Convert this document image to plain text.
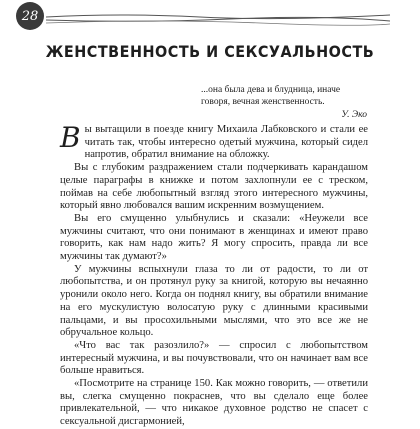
28
ЖЕНСТВЕННОСТЬ И СЕКСУАЛЬНОСТЬ
...она была дева и блудница, иначе говоря, вечная женственность.
У. Эко

В ы вытащили в поезде книгу Михаила Лабковского и стали ее читать так, чтобы интересно одетый мужчина, который сидел напротив, обратил внимание на обложку.

Вы с глубоким раздражением стали подчеркивать карандашом целые параграфы в книжке и потом захлопнули ее с треском, поймав на себе любопытный взгляд этого интересного мужчины, который явно любовался вашим искренним возмущением.

Вы его смущенно улыбнулись и сказали: «Неужели все мужчины считают, что они понимают в женщинах и имеют право говорить, как нам надо жить? Я могу спросить, правда ли все мужчины так думают?»

У мужчины вспыхнули глаза то ли от радости, то ли от любопытства, и он протянул руку за книгой, которую вы нечаянно уронили около него. Когда он поднял книгу, вы обратили внимание на его мускулистую волосатую руку с длинными красивыми пальцами, и вы просохильными мыслями, что это все же не обручальное кольцо.

«Что вас так разозлило?» — спросил с любопытством интересный мужчина, и вы почувствовали, что он начинает вам все больше нравиться.

«Посмотрите на странице 150. Как можно говорить, — ответили вы, слегка смущенно покраснев, что вы сделало еще более привлекательной, — что никакое духовное родство не спасет с сексуальной дисгармонией,
